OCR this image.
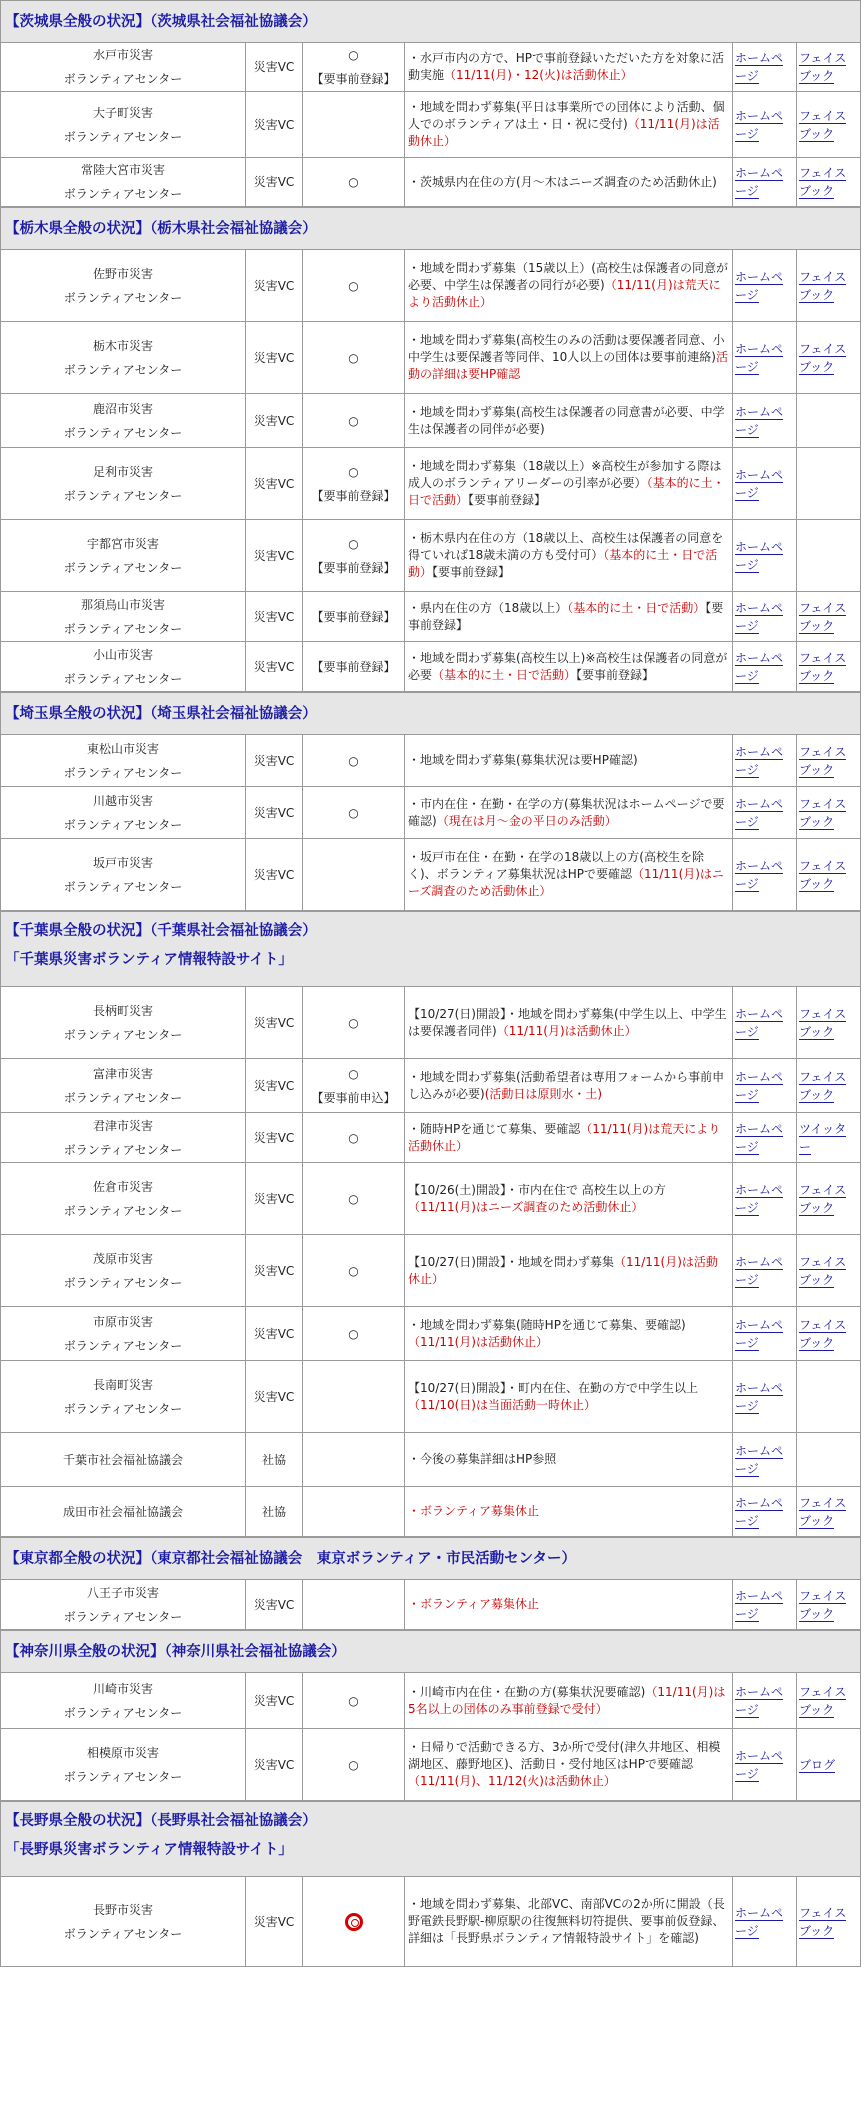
【茨城県全般の状況】（茨城県社会福祉協議会）					
水戸市災害
ボランティアセンター	災害VC	○
【要事前登録】	・水戸市内の方で、HPで事前登録いただいた方を対象に活動実施（11/11(月)・12(火)は活動休止）	ホームページ	フェイスブック
大子町災害
ボランティアセンター	災害VC		・地域を問わず募集(平日は事業所での団体により活動、個人でのボランティアは土・日・祝に受付)（11/11(月)は活動休止）	ホームページ	フェイスブック
常陸大宮市災害
ボランティアセンター	災害VC	○	・茨城県内在住の方(月～木はニーズ調査のため活動休止)	ホームページ	フェイスブック
【栃木県全般の状況】（栃木県社会福祉協議会）					
佐野市災害
ボランティアセンター	災害VC	○	・地域を問わず募集（15歳以上）(高校生は保護者の同意が必要、中学生は保護者の同行が必要)（11/11(月)は荒天により活動休止）	ホームページ	フェイスブック
栃木市災害
ボランティアセンター	災害VC	○	・地域を問わず募集(高校生のみの活動は要保護者同意、小中学生は要保護者等同伴、10人以上の団体は要事前連絡)活動の詳細は要HP確認	ホームページ	フェイスブック
鹿沼市災害
ボランティアセンター	災害VC	○	・地域を問わず募集(高校生は保護者の同意書が必要、中学生は保護者の同伴が必要)	ホームページ	
足利市災害
ボランティアセンター	災害VC	○
【要事前登録】	・地域を問わず募集（18歳以上）※高校生が参加する際は成人のボランティアリーダーの引率が必要）（基本的に土・日で活動）【要事前登録】	ホームページ	
宇都宮市災害
ボランティアセンター	災害VC	○
【要事前登録】	・栃木県内在住の方（18歳以上、高校生は保護者の同意を得ていれば18歳未満の方も受付可）（基本的に土・日で活動）【要事前登録】	ホームページ	
那須烏山市災害
ボランティアセンター	災害VC	【要事前登録】	・県内在住の方（18歳以上）（基本的に土・日で活動）【要事前登録】	ホームページ	フェイスブック
小山市災害
ボランティアセンター	災害VC	【要事前登録】	・地域を問わず募集(高校生以上)※高校生は保護者の同意が必要（基本的に土・日で活動）【要事前登録】	ホームページ	フェイスブック
【埼玉県全般の状況】（埼玉県社会福祉協議会）					
東松山市災害
ボランティアセンター	災害VC	○	・地域を問わず募集(募集状況は要HP確認)	ホームページ	フェイスブック
川越市災害
ボランティアセンター	災害VC	○	・市内在住・在勤・在学の方(募集状況はホームページで要確認)（現在は月～金の平日のみ活動）	ホームページ	フェイスブック
坂戸市災害
ボランティアセンター	災害VC		・坂戸市在住・在勤・在学の18歳以上の方(高校生を除く)、ボランティア募集状況はHPで要確認（11/11(月)はニーズ調査のため活動休止）	ホームページ	フェイスブック
【千葉県全般の状況】（千葉県社会福祉協議会）
「千葉県災害ボランティア情報特設サイト」					
長柄町災害
ボランティアセンター	災害VC	○	【10/27(日)開設】・地域を問わず募集(中学生以上、中学生は要保護者同伴)（11/11(月)は活動休止）	ホームページ	フェイスブック
富津市災害
ボランティアセンター	災害VC	○
【要事前申込】	・地域を問わず募集(活動希望者は専用フォームから事前申し込みが必要)(活動日は原則水・土)	ホームページ	フェイスブック
君津市災害
ボランティアセンター	災害VC	○	・随時HPを通じて募集、要確認（11/11(月)は荒天により活動休止）	ホームページ	ツイッター
佐倉市災害
ボランティアセンター	災害VC	○	【10/26(土)開設】・市内在住で 高校生以上の方（11/11(月)はニーズ調査のため活動休止）	ホームページ	フェイスブック
茂原市災害
ボランティアセンター	災害VC	○	【10/27(日)開設】・地域を問わず募集（11/11(月)は活動休止）	ホームページ	フェイスブック
市原市災害
ボランティアセンター	災害VC	○	・地域を問わず募集(随時HPを通じて募集、要確認)（11/11(月)は活動休止）	ホームページ	フェイスブック
長南町災害
ボランティアセンター	災害VC		【10/27(日)開設】・町内在住、在勤の方で中学生以上（11/10(日)は当面活動一時休止）	ホームページ	
千葉市社会福祉協議会	社協		・今後の募集詳細はHP参照	ホームページ	
成田市社会福祉協議会	社協		・ボランティア募集休止	ホームページ	フェイスブック
【東京都全般の状況】（東京都社会福祉協議会　東京ボランティア・市民活動センター）
八王子市災害
ボランティアセンター	災害VC		・ボランティア募集休止	ホームページ	フェイスブック
【神奈川県全般の状況】（神奈川県社会福祉協議会）					
川崎市災害
ボランティアセンター	災害VC	○	・川崎市内在住・在勤の方(募集状況要確認)（11/11(月)は5名以上の団体のみ事前登録で受付）	ホームページ	フェイスブック
相模原市災害
ボランティアセンター	災害VC	○	・日帰りで活動できる方、3か所で受付(津久井地区、相模湖地区、藤野地区)、活動日・受付地区はHPで要確認（11/11(月)、11/12(火)は活動休止）	ホームページ	ブログ
【長野県全般の状況】（長野県社会福祉協議会）
「長野県災害ボランティア情報特設サイト」
長野市災害
ボランティアセンター	災害VC		・地域を問わず募集、北部VC、南部VCの2か所に開設（長野電鉄長野駅-柳原駅の往復無料切符提供、要事前仮登録、詳細は「長野県ボランティア情報特設サイト」を確認)	ホームページ	フェイスブック
